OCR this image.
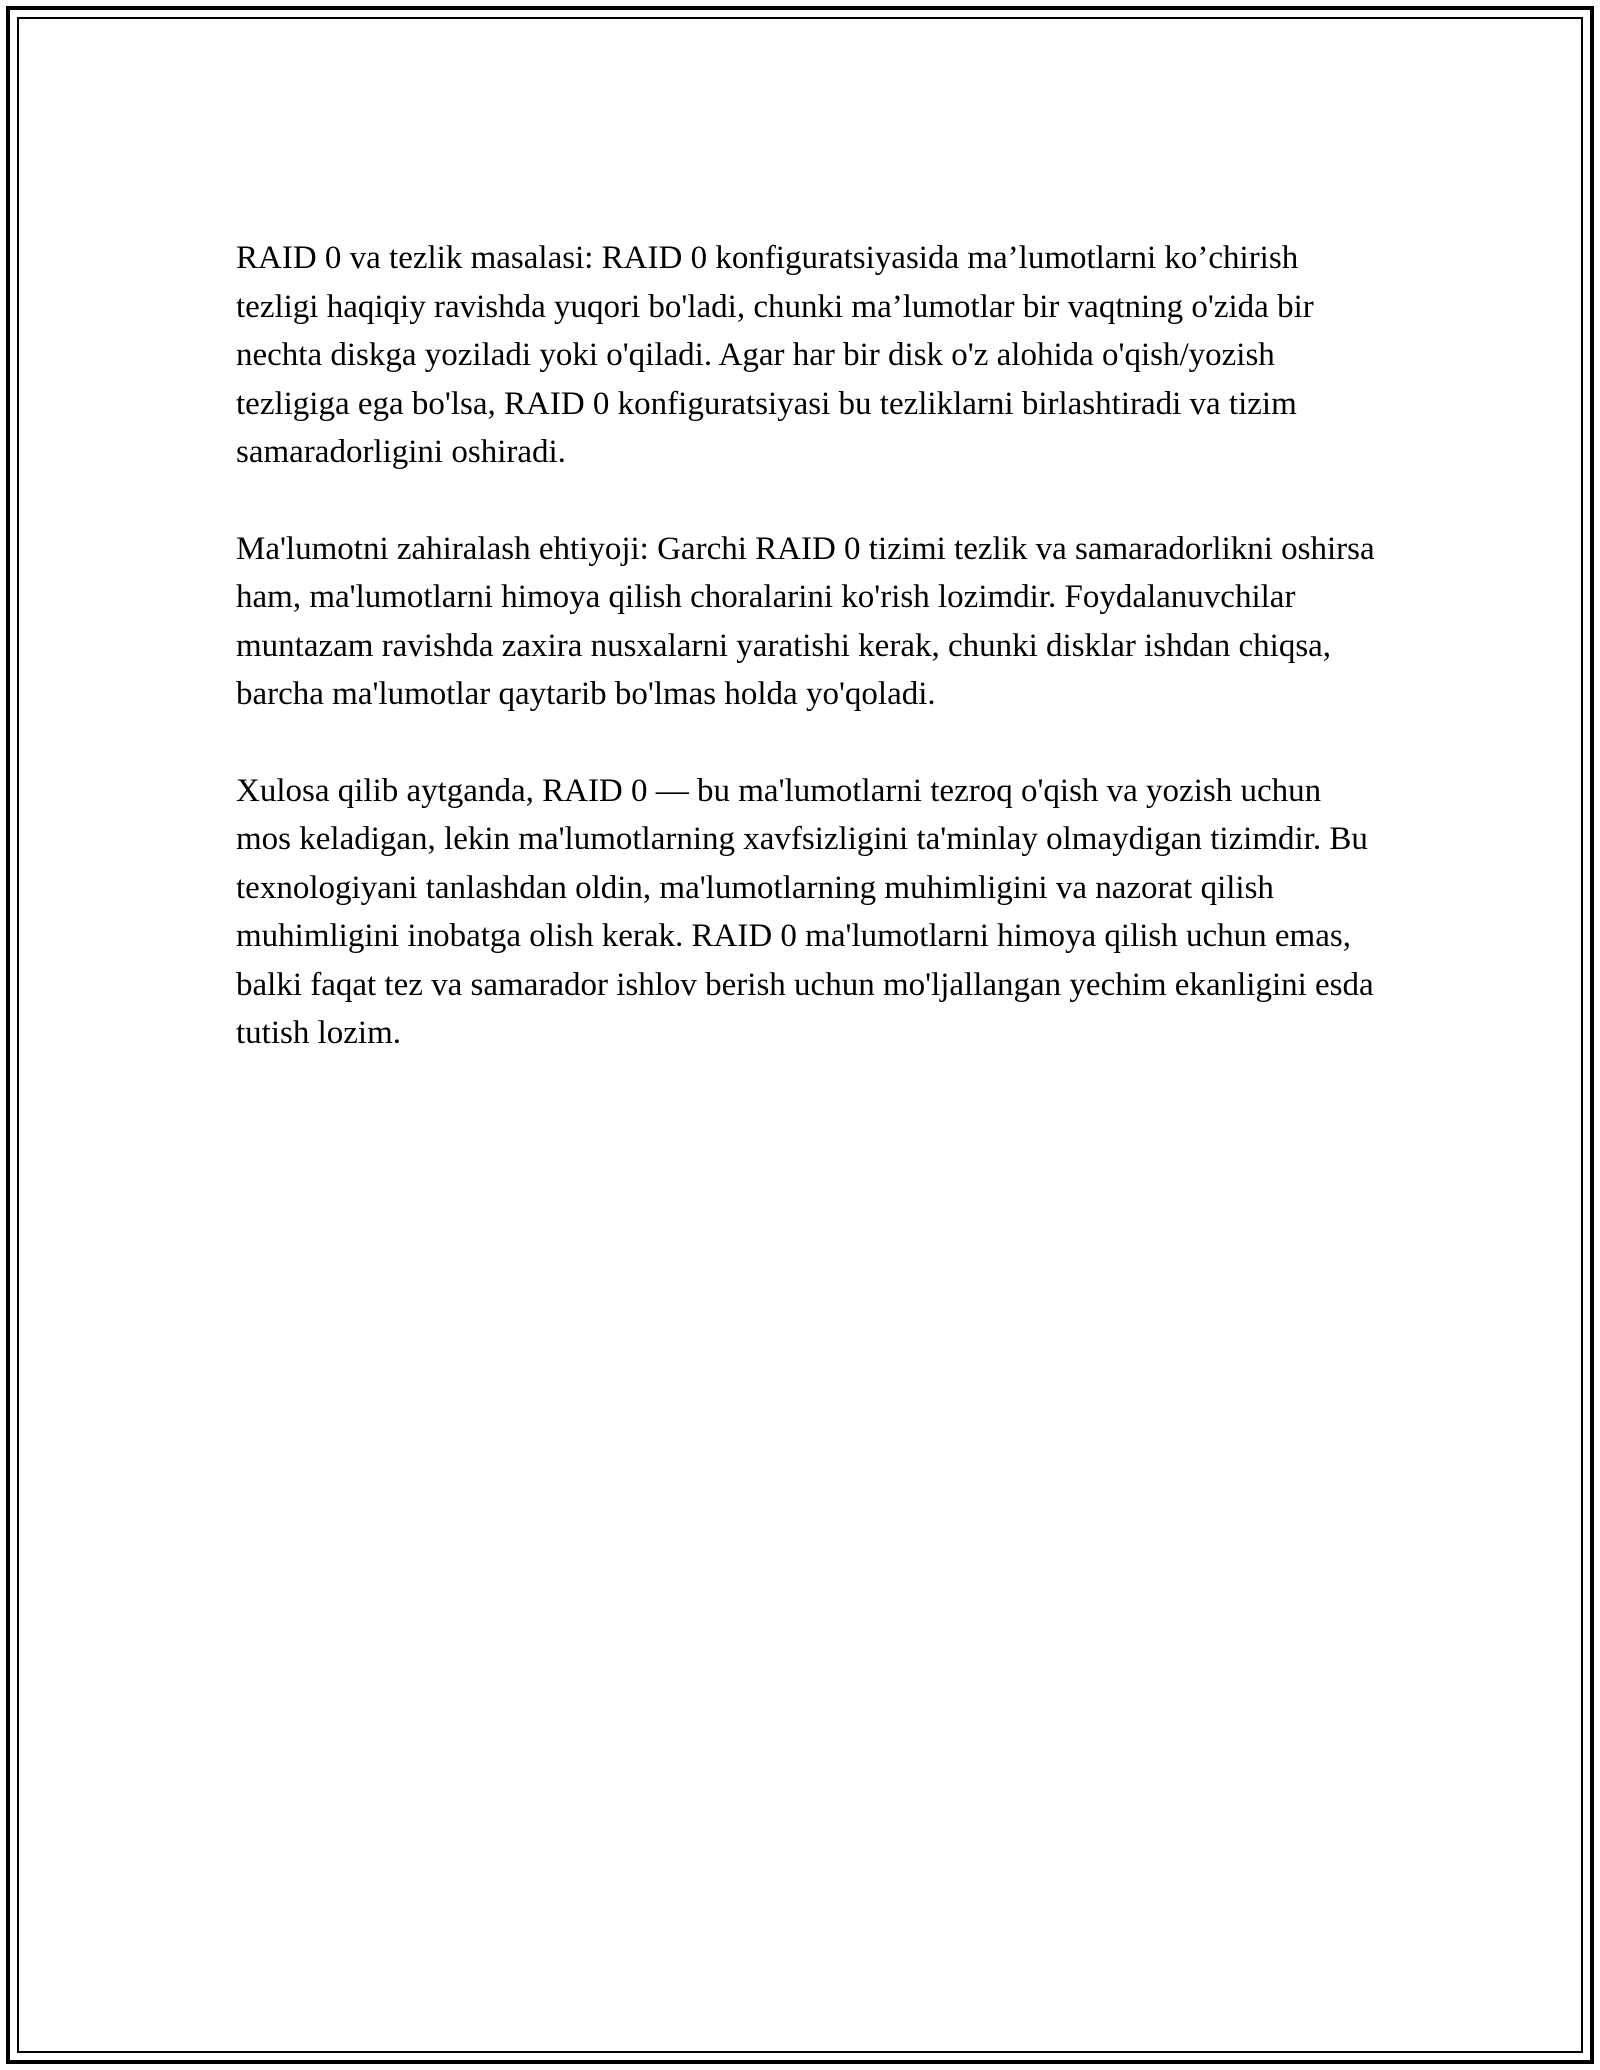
RAID 0 va tezlik masalasi: RAID 0 konfiguratsiyasida ma’lumotlarni ko’chirish tezligi haqiqiy ravishda yuqori bo'ladi, chunki ma’lumotlar bir vaqtning o'zida bir nechta diskga yoziladi yoki o'qiladi. Agar har bir disk o'z alohida o'qish/yozish tezligiga ega bo'lsa, RAID 0 konfiguratsiyasi bu tezliklarni birlashtiradi va tizim samaradorligini oshiradi.

Ma'lumotni zahiralash ehtiyoji: Garchi RAID 0 tizimi tezlik va samaradorlikni oshirsa ham, ma'lumotlarni himoya qilish choralarini ko'rish lozimdir. Foydalanuvchilar muntazam ravishda zaxira nusxalarni yaratishi kerak, chunki disklar ishdan chiqsa, barcha ma'lumotlar qaytarib bo'lmas holda yo'qoladi.

Xulosa qilib aytganda, RAID 0 — bu ma'lumotlarni tezroq o'qish va yozish uchun mos keladigan, lekin ma'lumotlarning xavfsizligini ta'minlay olmaydigan tizimdir. Bu texnologiyani tanlashdan oldin, ma'lumotlarning muhimligini va nazorat qilish muhimligini inobatga olish kerak. RAID 0 ma'lumotlarni himoya qilish uchun emas, balki faqat tez va samarador ishlov berish uchun mo'ljallangan yechim ekanligini esda tutish lozim.
